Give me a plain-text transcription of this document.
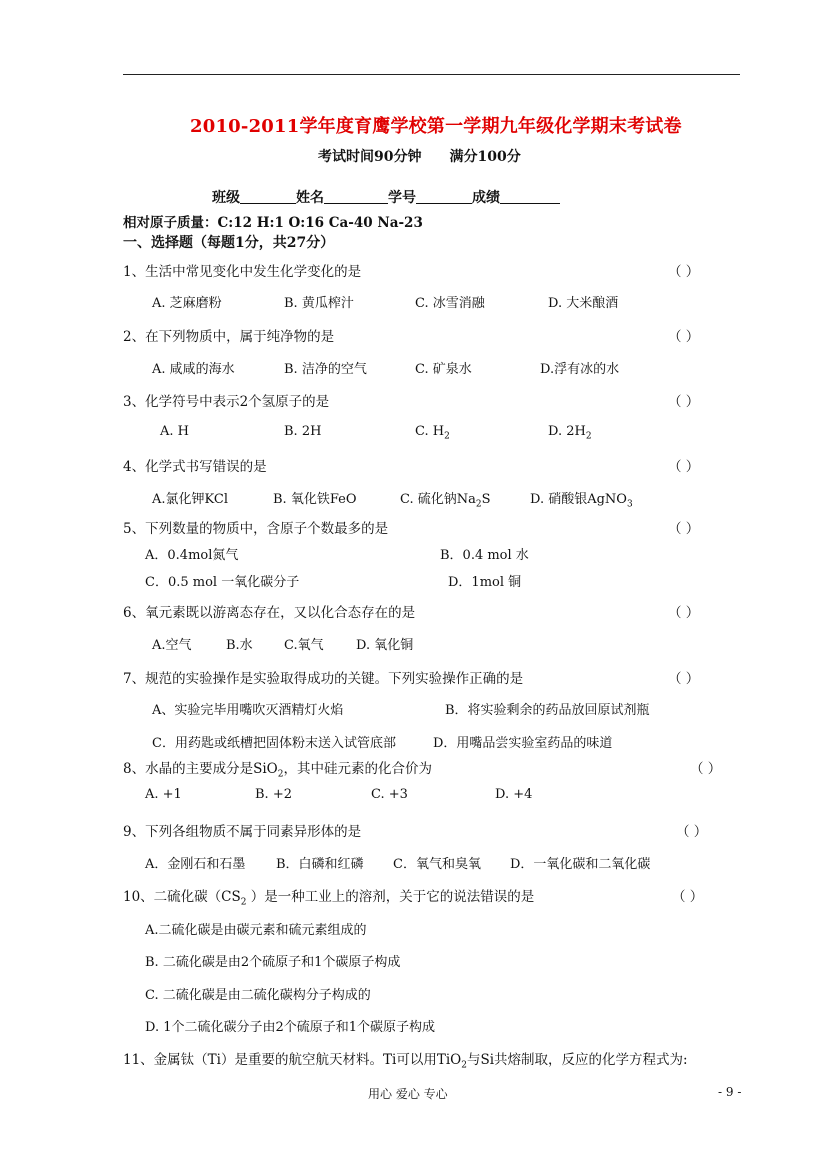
2010-2011学年度育鹰学校第一学期九年级化学期末考试卷
考试时间90分钟 满分100分
班级	姓名	学号	成绩
相对原子质量：C:12 H:1 O:16 Ca-40 Na-23
一、选择题（每题1分，共27分）
1、生活中常见变化中发生化学变化的是	（ ）
A. 芝麻磨粉	B. 黄瓜榨汁	C. 冰雪消融	D. 大米酿酒
2、在下列物质中，属于纯净物的是	（ ）
A. 咸咸的海水	B. 洁净的空气	C. 矿泉水	D.浮有冰的水
3、化学符号中表示2个氢原子的是	（ ）
A. H	B. 2H	C. $H_2$	D. $2H_2$
4、化学式书写错误的是	（ ）
A.氯化钾KCl	B. 氧化铁FeO	C. 硫化钠$Na_2S$	D. 硝酸银AgNO$_3$
5、下列数量的物质中，含原子个数最多的是	（ ）
A．0.4mol氮气	B．0.4 mol 水
C．0.5 mol 一氧化碳分子	D．1mol 铜
6、氧元素既以游离态存在，又以化合态存在的是	（ ）
A.空气	B.水 C.氧气 D. 氧化铜
7、规范的实验操作是实验取得成功的关键。下列实验操作正确的是	（ ）
A、实验完毕用嘴吹灭酒精灯火焰	B．将实验剩余的药品放回原试剂瓶
C．用药匙或纸槽把固体粉末送入试管底部	D．用嘴品尝实验室药品的味道
8、水晶的主要成分是SiO$_2$，其中硅元素的化合价为	（ ）
A. +1	B. +2	C. +3	D. +4
9、下列各组物质不属于同素异形体的是	（ ）
A．金刚石和石墨 B．白磷和红磷 C．氧气和臭氧 D．一氧化碳和二氧化碳
10、二硫化碳（$CS_2$ ）是一种工业上的溶剂，关于它的说法错误的是	（ ）
A.二硫化碳是由碳元素和硫元素组成的
B. 二硫化碳是由2个硫原子和1个碳原子构成
C. 二硫化碳是由二硫化碳构分子构成的
D. 1个二硫化碳分子由2个硫原子和1个碳原子构成
11、金属钛（Ti）是重要的航空航天材料。Ti可以用TiO$_2$与Si共熔制取，反应的化学方程式为:
用心 爱心 专心	- 9 -
